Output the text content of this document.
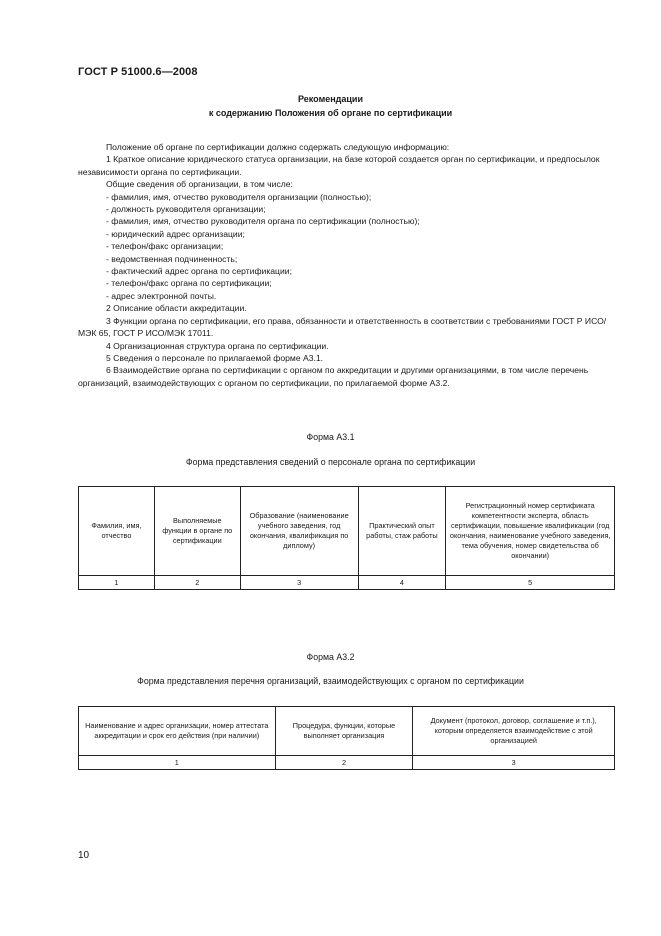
ГОСТ Р 51000.6—2008
Рекомендации
к содержанию Положения об органе по сертификации

Положение об органе по сертификации должно содержать следующую информацию:

1 Краткое описание юридического статуса организации, на базе которой создается орган по сертификации, и предпосылок независимости органа по сертификации.

Общие сведения об организации, в том числе:

- фамилия, имя, отчество руководителя организации (полностью);

- должность руководителя организации;

- фамилия, имя, отчество руководителя органа по сертификации (полностью);

- юридический адрес организации;

- телефон/факс организации;

- ведомственная подчиненность;

- фактический адрес органа по сертификации;

- телефон/факс органа по сертификации;

- адрес электронной почты.

2 Описание области аккредитации.

3 Функции органа по сертификации, его права, обязанности и ответственность в соответствии с требованиями ГОСТ Р ИСО/МЭК 65, ГОСТ Р ИСО/МЭК 17011.

4 Организационная структура органа по сертификации.

5 Сведения о персонале по прилагаемой форме А3.1.

6 Взаимодействие органа по сертификации с органом по аккредитации и другими организациями, в том числе перечень организаций, взаимодействующих с органом по сертификации, по прилагаемой форме А3.2.

Форма А3.1
Форма представления сведений о персонале органа по сертификации
Фамилия, имя, отчество	Выполняемые функции в органе по сертификации	Образование (наименование учебного заведения, год окончания, квалификация по диплому)	Практический опыт работы, стаж работы	Регистрационный номер сертификата компетентности эксперта, область сертификации, повышение квалификации (год окончания, наименование учебного заведения, тема обучения, номер свидетельства об окончании)
1	2	3	4	5
Форма А3.2
Форма представления перечня организаций, взаимодействующих с органом по сертификации
Наименование и адрес организации, номер аттестата аккредитации и срок его действия (при наличии)	Процедура, функции, которые выполняет организация	Документ (протокол, договор, соглашение и т.п.), которым определяется взаимодействие с этой организацией
1	2	3
10
